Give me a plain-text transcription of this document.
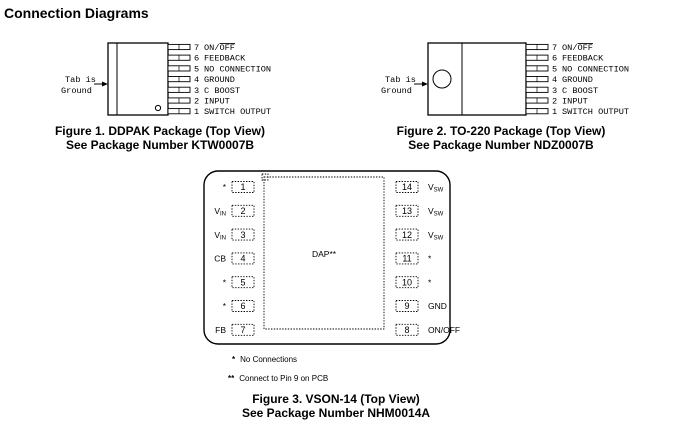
Connection Diagrams
Tab is
Ground
7 ON/OFF
6 FEEDBACK
5 NO CONNECTION
4 GROUND
3 C BOOST
2 INPUT
1 SWITCH OUTPUT
Tab is
Ground
7 ON/OFF
6 FEEDBACK
5 NO CONNECTION
4 GROUND
3 C BOOST
2 INPUT
1 SWITCH OUTPUT
DAP**
1
*
2
VIN
3
VIN
4
CB
5
*
6
*
7
FB
14 VSW
13 VSW
12 VSW
11 *
10 *
9 GND
8 ON/OFF
Figure 1. DDPAK Package (Top View)
See Package Number KTW0007B
Figure 2. TO-220 Package (Top View)
See Package Number NDZ0007B
* No Connections
** Connect to Pin 9 on PCB
Figure 3. VSON-14 (Top View)
See Package Number NHM0014A
